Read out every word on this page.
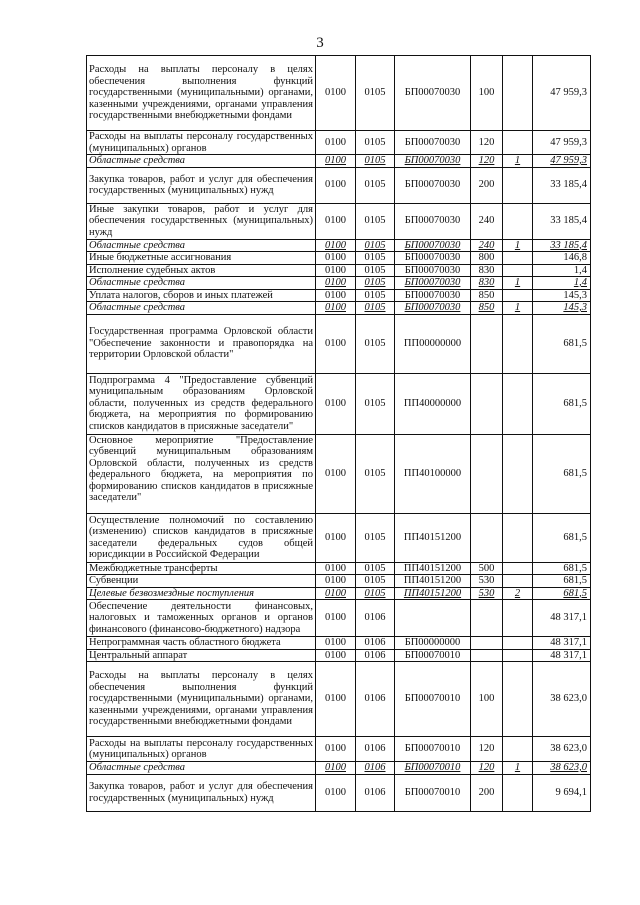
3
Расходы на выплаты персоналу в целях обеспечения выполнения функций государственными (муниципальными) органами, казенными учреждениями, органами управления государственными внебюджетными фондами	0100	0105	БП00070030	100		47 959,3
Расходы на выплаты персоналу государственных (муниципальных) органов	0100	0105	БП00070030	120		47 959,3
Областные средства	0100	0105	БП00070030	120	1	47 959,3
Закупка товаров, работ и услуг для обеспечения государственных (муниципальных) нужд	0100	0105	БП00070030	200		33 185,4
Иные закупки товаров, работ и услуг для обеспечения государственных (муниципальных) нужд	0100	0105	БП00070030	240		33 185,4
Областные средства	0100	0105	БП00070030	240	1	33 185,4
Иные бюджетные ассигнования	0100	0105	БП00070030	800		146,8
Исполнение судебных актов	0100	0105	БП00070030	830		1,4
Областные средства	0100	0105	БП00070030	830	1	1,4
Уплата налогов, сборов и иных платежей	0100	0105	БП00070030	850		145,3
Областные средства	0100	0105	БП00070030	850	1	145,3
Государственная программа Орловской области "Обеспечение законности и правопорядка на территории Орловской области"	0100	0105	ПП00000000			681,5
Подпрограмма 4 "Предоставление субвенций муниципальным образованиям Орловской области, полученных из средств федерального бюджета, на мероприятия по формированию списков кандидатов в присяжные заседатели"	0100	0105	ПП40000000			681,5
Основное мероприятие "Предоставление субвенций муниципальным образованиям Орловской области, полученных из средств федерального бюджета, на мероприятия по формированию списков кандидатов в присяжные заседатели"	0100	0105	ПП40100000			681,5
Осуществление полномочий по составлению (изменению) списков кандидатов в присяжные заседатели федеральных судов общей юрисдикции в Российской Федерации	0100	0105	ПП40151200			681,5
Межбюджетные трансферты	0100	0105	ПП40151200	500		681,5
Субвенции	0100	0105	ПП40151200	530		681,5
Целевые безвозмездные поступления	0100	0105	ПП40151200	530	2	681,5
Обеспечение деятельности финансовых, налоговых и таможенных органов и органов финансового (финансово-бюджетного) надзора	0100	0106				48 317,1
Непрограммная часть областного бюджета	0100	0106	БП00000000			48 317,1
Центральный аппарат	0100	0106	БП00070010			48 317,1
Расходы на выплаты персоналу в целях обеспечения выполнения функций государственными (муниципальными) органами, казенными учреждениями, органами управления государственными внебюджетными фондами	0100	0106	БП00070010	100		38 623,0
Расходы на выплаты персоналу государственных (муниципальных) органов	0100	0106	БП00070010	120		38 623,0
Областные средства	0100	0106	БП00070010	120	1	38 623,0
Закупка товаров, работ и услуг для обеспечения государственных (муниципальных) нужд	0100	0106	БП00070010	200		9 694,1
